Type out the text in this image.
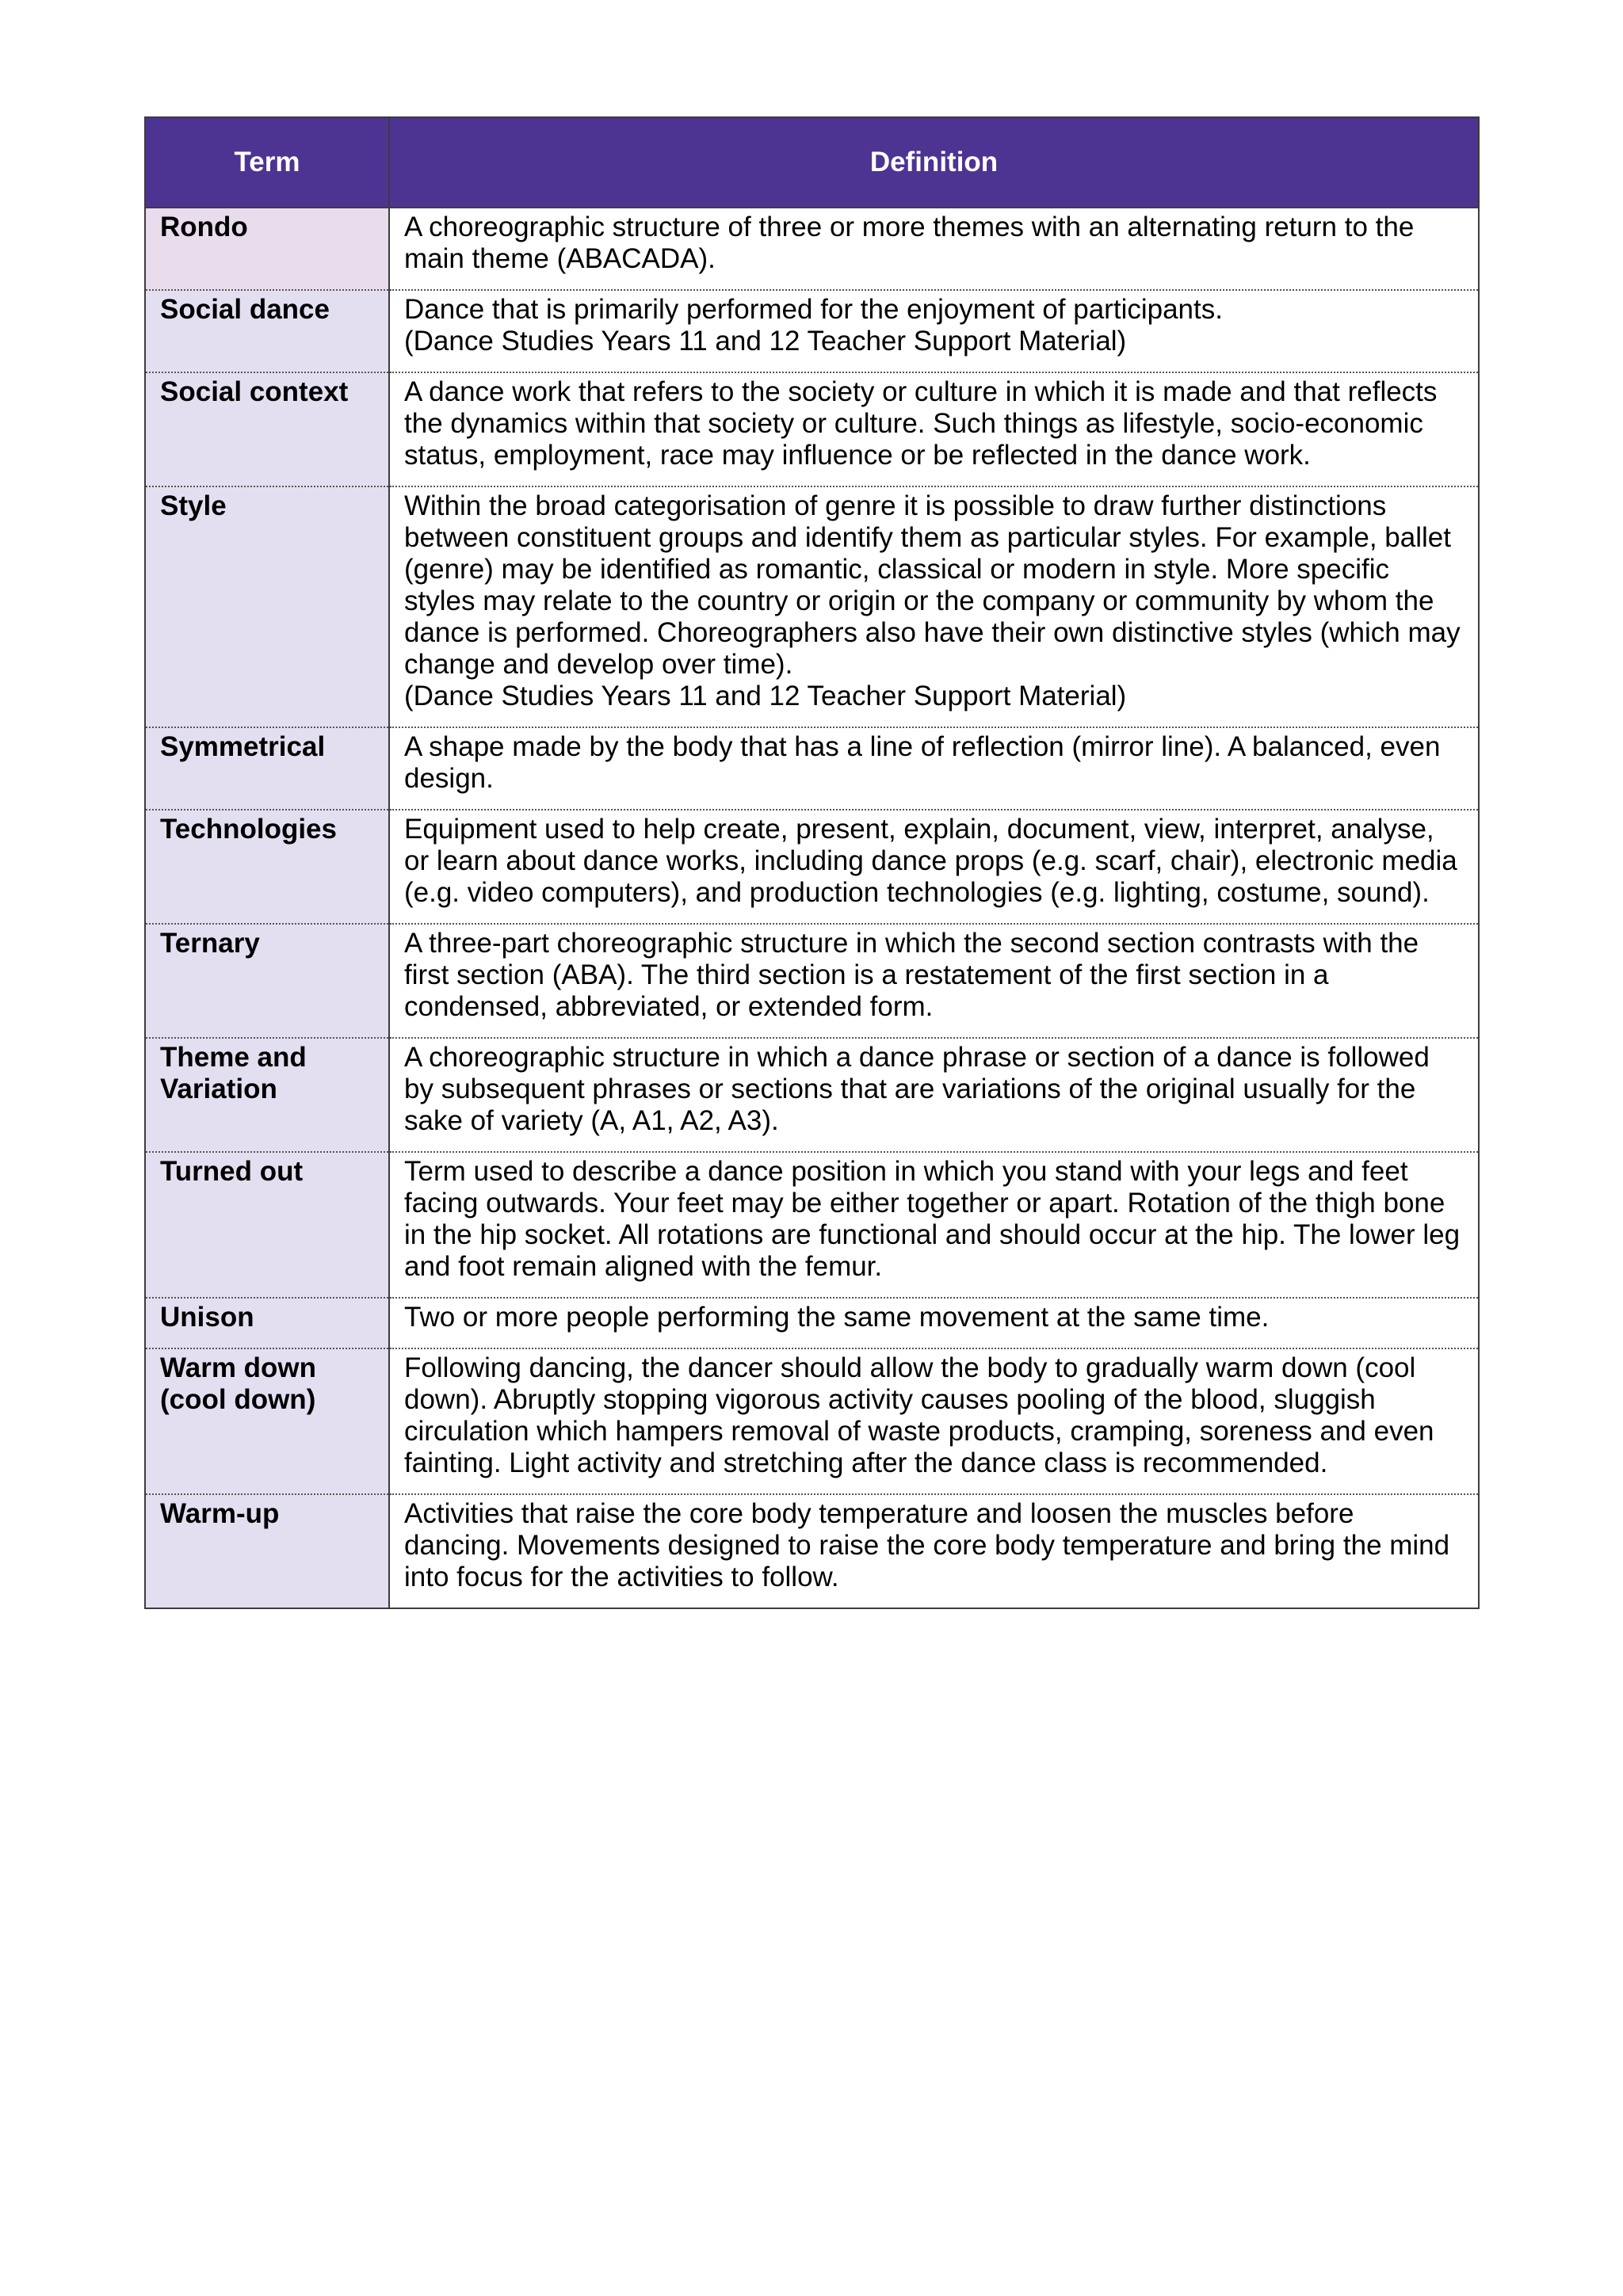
Term	Definition
Rondo	A choreographic structure of three or more themes with an alternating return to the main theme (ABACADA).
Social dance	Dance that is primarily performed for the enjoyment of participants.
(Dance Studies Years 11 and 12 Teacher Support Material)
Social context	A dance work that refers to the society or culture in which it is made and that reflects the dynamics within that society or culture. Such things as lifestyle, socio-economic status, employment, race may influence or be reflected in the dance work.
Style	Within the broad categorisation of genre it is possible to draw further distinctions between constituent groups and identify them as particular styles. For example, ballet (genre) may be identified as romantic, classical or modern in style. More specific styles may relate to the country or origin or the company or community by whom the dance is performed. Choreographers also have their own distinctive styles (which may change and develop over time).
(Dance Studies Years 11 and 12 Teacher Support Material)
Symmetrical	A shape made by the body that has a line of reflection (mirror line). A balanced, even design.
Technologies	Equipment used to help create, present, explain, document, view, interpret, analyse, or learn about dance works, including dance props (e.g. scarf, chair), electronic media (e.g. video computers), and production technologies (e.g. lighting, costume, sound).
Ternary	A three-part choreographic structure in which the second section contrasts with the first section (ABA). The third section is a restatement of the first section in a condensed, abbreviated, or extended form.
Theme and Variation	A choreographic structure in which a dance phrase or section of a dance is followed by subsequent phrases or sections that are variations of the original usually for the sake of variety (A, A1, A2, A3).
Turned out	Term used to describe a dance position in which you stand with your legs and feet facing outwards. Your feet may be either together or apart. Rotation of the thigh bone in the hip socket. All rotations are functional and should occur at the hip. The lower leg and foot remain aligned with the femur.
Unison	Two or more people performing the same movement at the same time.
Warm down (cool down)	Following dancing, the dancer should allow the body to gradually warm down (cool down). Abruptly stopping vigorous activity causes pooling of the blood, sluggish circulation which hampers removal of waste products, cramping, soreness and even fainting. Light activity and stretching after the dance class is recommended.
Warm-up	Activities that raise the core body temperature and loosen the muscles before dancing. Movements designed to raise the core body temperature and bring the mind into focus for the activities to follow.
